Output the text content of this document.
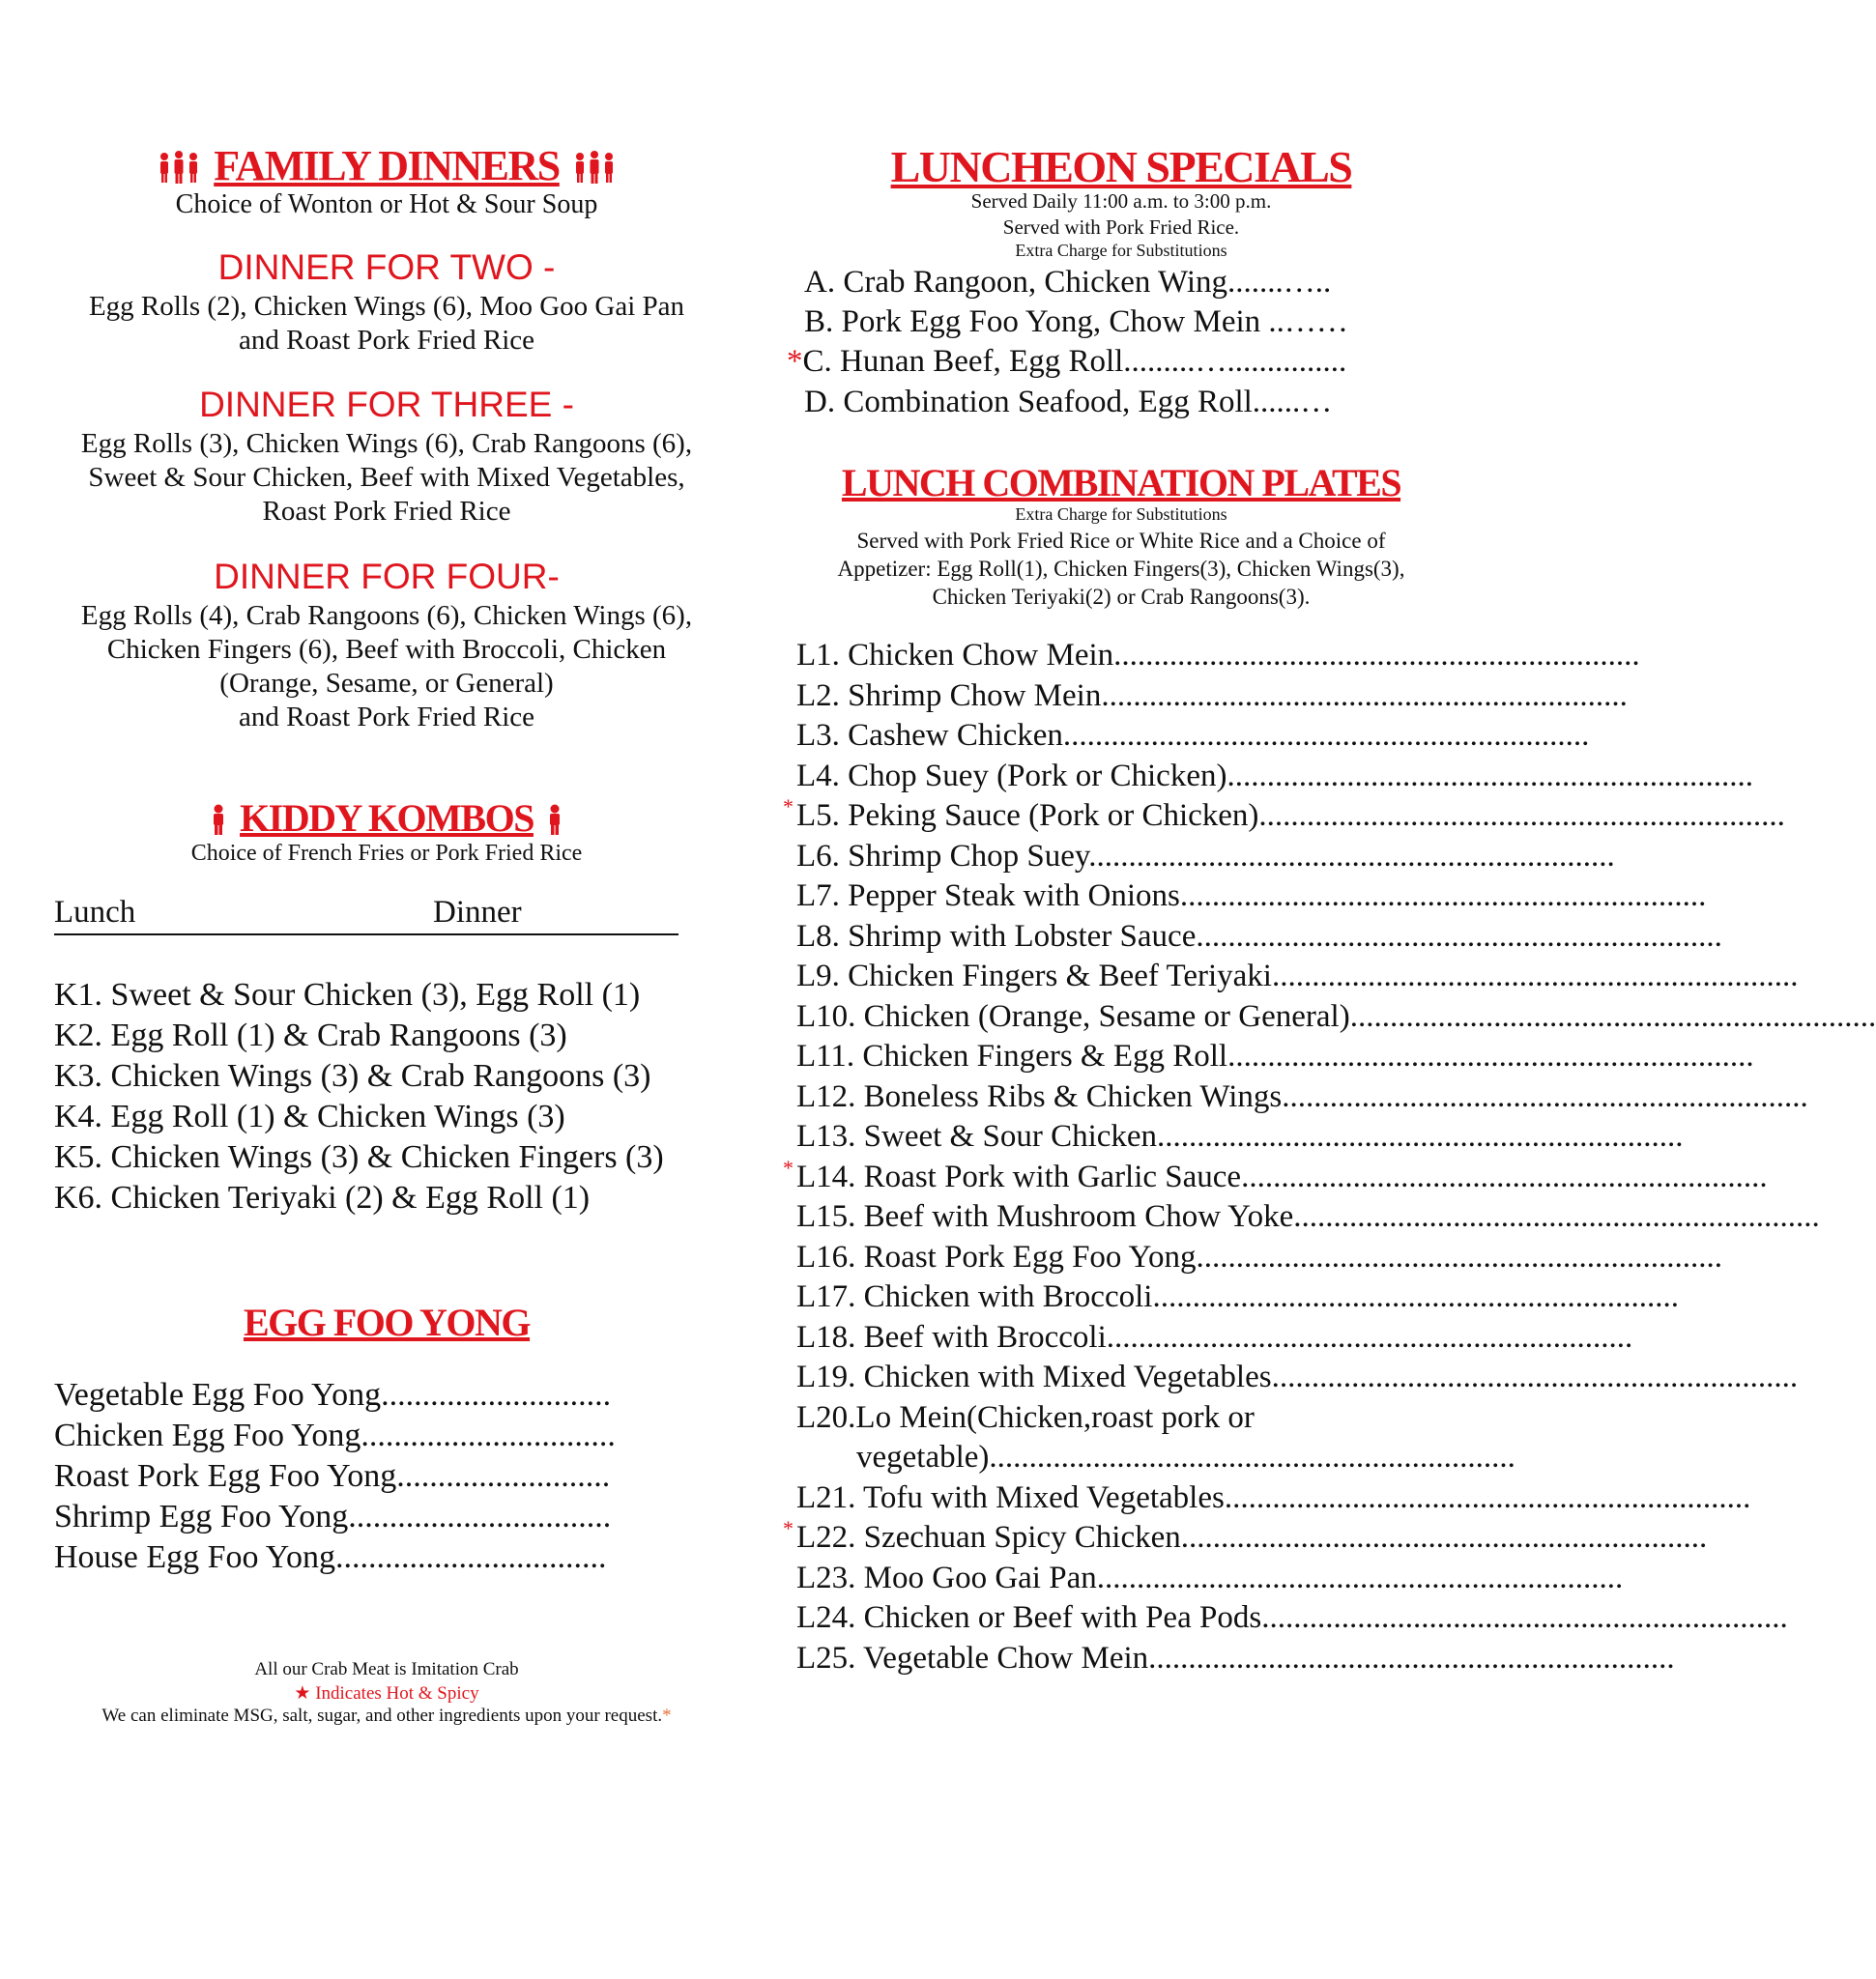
FAMILY DINNERS
Choice of Wonton or Hot & Sour Soup
DINNER FOR TWO -
Egg Rolls (2), Chicken Wings (6), Moo Goo Gai Pan
and Roast Pork Fried Rice
DINNER FOR THREE -
Egg Rolls (3), Chicken Wings (6), Crab Rangoons (6),
Sweet & Sour Chicken, Beef with Mixed Vegetables,
Roast Pork Fried Rice
DINNER FOR FOUR-
Egg Rolls (4), Crab Rangoons (6), Chicken Wings (6),
Chicken Fingers (6), Beef with Broccoli, Chicken
(Orange, Sesame, or General)
and Roast Pork Fried Rice
KIDDY KOMBOS
Choice of French Fries or Pork Fried Rice
Lunch	Dinner
K1. Sweet & Sour Chicken (3), Egg Roll (1)
K2. Egg Roll (1) & Crab Rangoons (3)
K3. Chicken Wings (3) & Crab Rangoons (3)
K4. Egg Roll (1) & Chicken Wings (3)
K5. Chicken Wings (3) & Chicken Fingers (3)
K6. Chicken Teriyaki (2) & Egg Roll (1)
EGG FOO YONG
Vegetable Egg Foo Yong............................
Chicken Egg Foo Yong...............................
Roast Pork Egg Foo Yong..........................
Shrimp Egg Foo Yong................................
House Egg Foo Yong.................................
All our Crab Meat is Imitation Crab
★ Indicates Hot & Spicy
We can eliminate MSG, salt, sugar, and other ingredients upon your request.*
LUNCHEON SPECIALS
Served Daily 11:00 a.m. to 3:00 p.m.
Served with Pork Fried Rice.
Extra Charge for Substitutions
A. Crab Rangoon, Chicken Wing.......…..
B. Pork Egg Foo Yong, Chow Mein ..……
*C. Hunan Beef, Egg Roll.........…...............
D. Combination Seafood, Egg Roll......…
LUNCH COMBINATION PLATES
Extra Charge for Substitutions
Served with Pork Fried Rice or White Rice and a Choice of
Appetizer: Egg Roll(1), Chicken Fingers(3), Chicken Wings(3),
Chicken Teriyaki(2) or Crab Rangoons(3).
L1. Chicken Chow Mein..................................................................
L2. Shrimp Chow Mein..................................................................
L3. Cashew Chicken..................................................................
L4. Chop Suey (Pork or Chicken)..................................................................
L5. Peking Sauce (Pork or Chicken)..................................................................
*
L6. Shrimp Chop Suey..................................................................
L7. Pepper Steak with Onions..................................................................
L8. Shrimp with Lobster Sauce..................................................................
L9. Chicken Fingers & Beef Teriyaki..................................................................
L10. Chicken (Orange, Sesame or General)..................................................................
L11. Chicken Fingers & Egg Roll..................................................................
L12. Boneless Ribs & Chicken Wings..................................................................
L13. Sweet & Sour Chicken..................................................................
L14. Roast Pork with Garlic Sauce..................................................................
*
L15. Beef with Mushroom Chow Yoke..................................................................
L16. Roast Pork Egg Foo Yong..................................................................
L17. Chicken with Broccoli..................................................................
L18. Beef with Broccoli..................................................................
L19. Chicken with Mixed Vegetables..................................................................
L20.Lo Mein(Chicken,roast pork or
vegetable)..................................................................
L21. Tofu with Mixed Vegetables..................................................................
L22. Szechuan Spicy Chicken..................................................................
*
L23. Moo Goo Gai Pan..................................................................
L24. Chicken or Beef with Pea Pods..................................................................
L25. Vegetable Chow Mein..................................................................
